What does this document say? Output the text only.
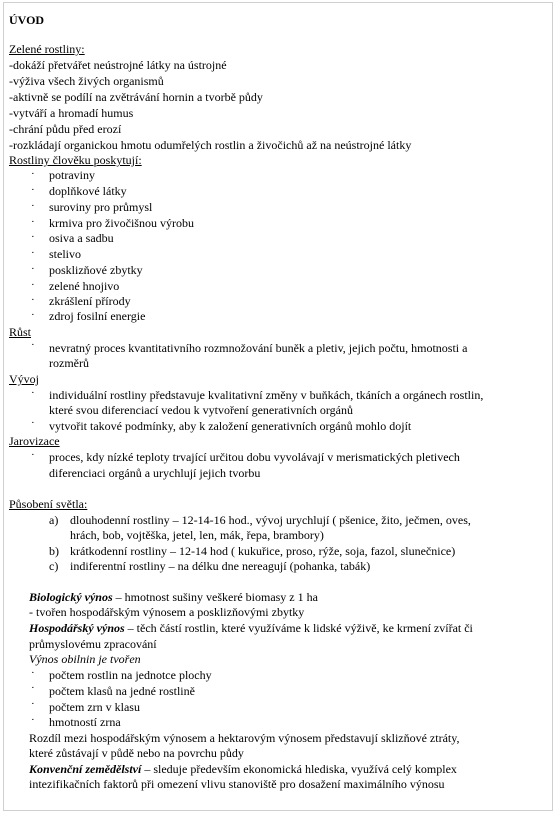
ÚVOD
Zelené rostliny:
-dokáží přetvářet neústrojné látky na ústrojné
-výživa všech živých organismů
-aktivně se podílí na zvětrávání hornin a tvorbě půdy
-vytváří a hromadí humus
-chrání půdu před erozí
-rozkládají organickou hmotu odumřelých rostlin a živočichů až na neústrojné látky
Rostliny člověku poskytují:
· potraviny
· doplňkové látky
· suroviny pro průmysl
· krmiva pro živočišnou výrobu
· osiva a sadbu
· stelivo
· posklizňové zbytky
· zelené hnojivo
· zkrášlení přírody
· zdroj fosilní energie
Růst
· nevratný proces kvantitativního rozmnožování buněk a pletiv, jejich počtu, hmotnosti a
rozměrů
Vývoj
· individuální rostliny představuje kvalitativní změny v buňkách, tkáních a orgánech rostlin,
které svou diferenciací vedou k vytvoření generativních orgánů
· vytvořit takové podmínky, aby k založení generativních orgánů mohlo dojít
Jarovizace
· proces, kdy nízké teploty trvající určitou dobu vyvolávají v merismatických pletivech
diferenciaci orgánů a urychlují jejich tvorbu
Působení světla:
a) dlouhodenní rostliny – 12-14-16 hod., vývoj urychlují ( pšenice, žito, ječmen, oves,
hrách, bob, vojtěška, jetel, len, mák, řepa, brambory)
b) krátkodenní rostliny – 12-14 hod ( kukuřice, proso, rýže, soja, fazol, slunečnice)
c) indiferentní rostliny – na délku dne nereagují (pohanka, tabák)
Biologický výnos – hmotnost sušiny veškeré biomasy z 1 ha
- tvořen hospodářským výnosem a posklizňovými zbytky
Hospodářský výnos – těch částí rostlin, které využíváme k lidské výživě, ke krmení zvířat či
průmyslovému zpracování
Výnos obilnin je tvořen
· počtem rostlin na jednotce plochy
· počtem klasů na jedné rostlině
· počtem zrn v klasu
· hmotností zrna
Rozdíl mezi hospodářským výnosem a hektarovým výnosem představují sklizňové ztráty,
které zůstávají v půdě nebo na povrchu půdy
Konvenční zemědělství – sleduje především ekonomická hlediska, využívá celý komplex
intezifikačních faktorů při omezení vlivu stanoviště pro dosažení maximálního výnosu
